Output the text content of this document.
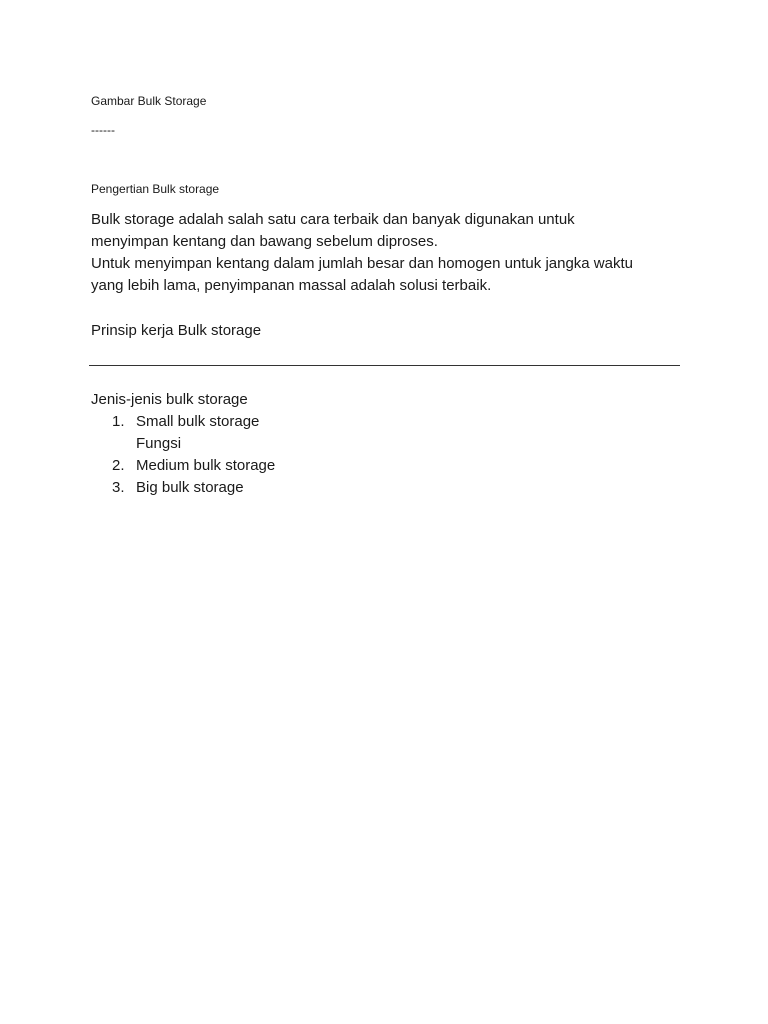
Gambar Bulk Storage
------
Pengertian Bulk storage
Bulk storage adalah salah satu cara terbaik dan banyak digunakan untuk
menyimpan kentang dan bawang sebelum diproses.
Untuk menyimpan kentang dalam jumlah besar dan homogen untuk jangka waktu
yang lebih lama, penyimpanan massal adalah solusi terbaik.
Prinsip kerja Bulk storage
Jenis-jenis bulk storage
1. Small bulk storage
Fungsi
2. Medium bulk storage
3. Big bulk storage
